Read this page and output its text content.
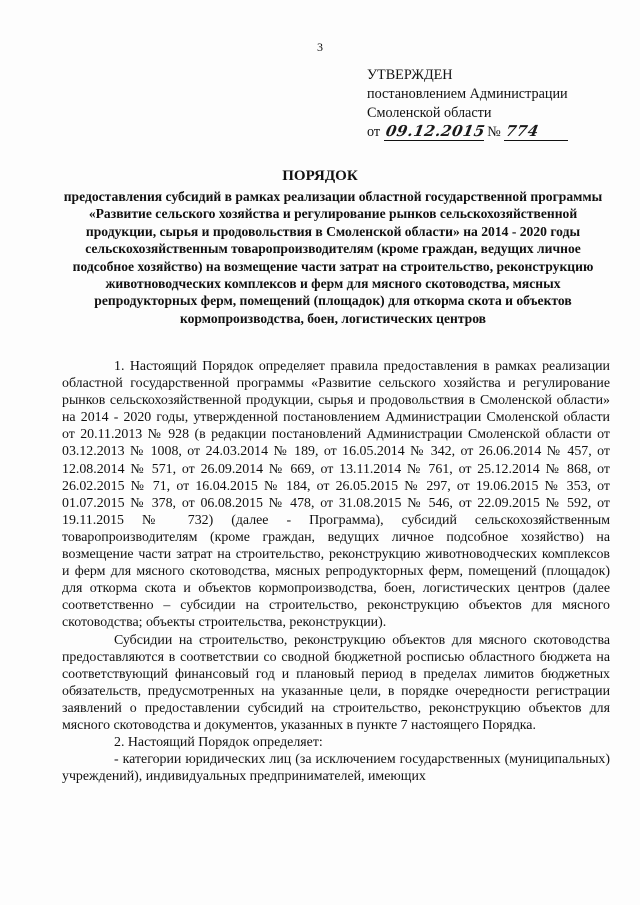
3
УТВЕРЖДЕН
постановлением Администрации
Смоленской области
от 09.12.2015 № 774
ПОРЯДОК
предоставления субсидий в рамках реализации областной государственной программы «Развитие сельского хозяйства и регулирование рынков сельскохозяйственной продукции, сырья и продовольствия в Смоленской области» на 2014 - 2020 годы сельскохозяйственным товаропроизводителям (кроме граждан, ведущих личное подсобное хозяйство) на возмещение части затрат на строительство, реконструкцию животноводческих комплексов и ферм для мясного скотоводства, мясных репродукторных ферм, помещений (площадок) для откорма скота и объектов кормопроизводства, боен, логистических центров

1. Настоящий Порядок определяет правила предоставления в рамках реализации областной государственной программы «Развитие сельского хозяйства и регулирование рынков сельскохозяйственной продукции, сырья и продовольствия в Смоленской области» на 2014 - 2020 годы, утвержденной постановлением Администрации Смоленской области от 20.11.2013 № 928 (в редакции постановлений Администрации Смоленской области от 03.12.2013 № 1008, от 24.03.2014 № 189, от 16.05.2014 № 342, от 26.06.2014 № 457, от 12.08.2014 № 571, от 26.09.2014 № 669, от 13.11.2014 № 761, от 25.12.2014 № 868, от 26.02.2015 № 71, от 16.04.2015 № 184, от 26.05.2015 № 297, от 19.06.2015 № 353, от 01.07.2015 № 378, от 06.08.2015 № 478, от 31.08.2015 № 546, от 22.09.2015 № 592, от 19.11.2015 № 732) (далее - Программа), субсидий сельскохозяйственным товаропроизводителям (кроме граждан, ведущих личное подсобное хозяйство) на возмещение части затрат на строительство, реконструкцию животноводческих комплексов и ферм для мясного скотоводства, мясных репродукторных ферм, помещений (площадок) для откорма скота и объектов кормопроизводства, боен, логистических центров (далее соответственно – субсидии на строительство, реконструкцию объектов для мясного скотоводства; объекты строительства, реконструкции).

Субсидии на строительство, реконструкцию объектов для мясного скотоводства предоставляются в соответствии со сводной бюджетной росписью областного бюджета на соответствующий финансовый год и плановый период в пределах лимитов бюджетных обязательств, предусмотренных на указанные цели, в порядке очередности регистрации заявлений о предоставлении субсидий на строительство, реконструкцию объектов для мясного скотоводства и документов, указанных в пункте 7 настоящего Порядка.

2. Настоящий Порядок определяет:

- категории юридических лиц (за исключением государственных (муниципальных) учреждений), индивидуальных предпринимателей, имеющих
